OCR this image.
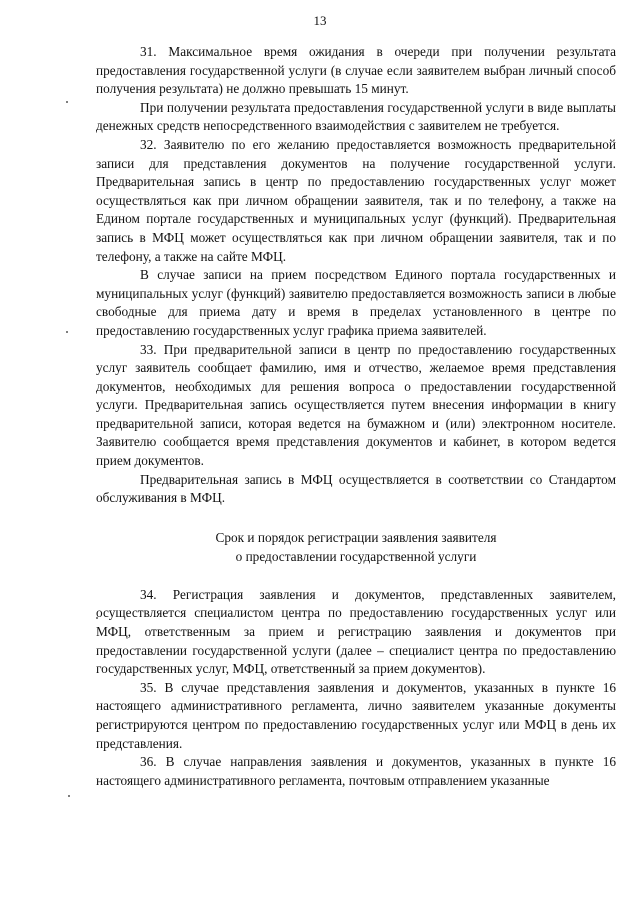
13

31. Максимальное время ожидания в очереди при получении результата предоставления государственной услуги (в случае если заявителем выбран личный способ получения результата) не должно превышать 15 минут.

При получении результата предоставления государственной услуги в виде выплаты денежных средств непосредственного взаимодействия с заявителем не требуется.

32. Заявителю по его желанию предоставляется возможность предварительной записи для представления документов на получение государственной услуги. Предварительная запись в центр по предоставлению государственных услуг может осуществляться как при личном обращении заявителя, так и по телефону, а также на Едином портале государственных и муниципальных услуг (функций). Предварительная запись в МФЦ может осуществляться как при личном обращении заявителя, так и по телефону, а также на сайте МФЦ.

В случае записи на прием посредством Единого портала государственных и муниципальных услуг (функций) заявителю предоставляется возможность записи в любые свободные для приема дату и время в пределах установленного в центре по предоставлению государственных услуг графика приема заявителей.

33. При предварительной записи в центр по предоставлению государственных услуг заявитель сообщает фамилию, имя и отчество, желаемое время представления документов, необходимых для решения вопроса о предоставлении государственной услуги. Предварительная запись осуществляется путем внесения информации в книгу предварительной записи, которая ведется на бумажном и (или) электронном носителе. Заявителю сообщается время представления документов и кабинет, в котором ведется прием документов.

Предварительная запись в МФЦ осуществляется в соответствии со Стандартом обслуживания в МФЦ.

Срок и порядок регистрации заявления заявителя
о предоставлении государственной услуги

34. Регистрация заявления и документов, представленных заявителем, осуществляется специалистом центра по предоставлению государственных услуг или МФЦ, ответственным за прием и регистрацию заявления и документов при предоставлении государственной услуги (далее – специалист центра по предоставлению государственных услуг, МФЦ, ответственный за прием документов).

35. В случае представления заявления и документов, указанных в пункте 16 настоящего административного регламента, лично заявителем указанные документы регистрируются центром по предоставлению государственных услуг или МФЦ в день их представления.

36. В случае направления заявления и документов, указанных в пункте 16 настоящего административного регламента, почтовым отправлением указанные
